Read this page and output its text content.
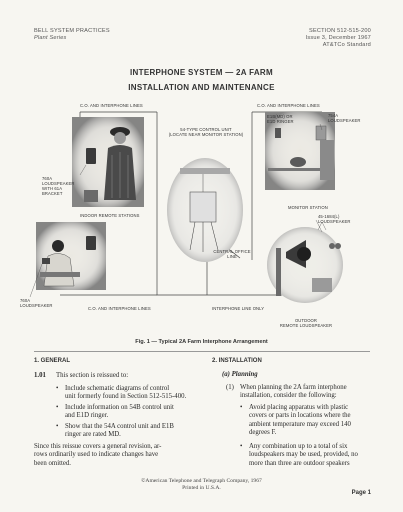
BELL SYSTEM PRACTICES
Plant Series
SECTION 512-515-200
Issue 3, December 1967
AT&TCo Standard
INTERPHONE SYSTEM — 2A FARM
INSTALLATION AND MAINTENANCE
C.O. AND INTERPHONE LINES	C.O. AND INTERPHONE LINES
54-TYPE CONTROL UNIT
(LOCATE NEAR MONITOR STATION)
E1B(MD) OR
E1D RINGER
754A
LOUDSPEAKER
760A
LOUDSPEAKER
WITH 61A
BRACKET
INDOOR REMOTE STATIONS
MONITOR STATION
45-1684(L)
LOUDSPEAKER
CENTRAL OFFICE
LINE
760A
LOUDSPEAKER
C.O. AND INTERPHONE LINES	INTERPHONE LINE ONLY
OUTDOOR
REMOTE LOUDSPEAKER
Fig. 1 — Typical 2A Farm Interphone Arrangement
1. GENERAL
1.01 This section is reissued to:
• Include schematic diagrams of control
unit formerly found in Section 512-515-400.
• Include information on 54B control unit
and E1D ringer.
• Show that the 54A control unit and E1B
ringer are rated MD.
Since this reissue covers a general revision, ar-
rows ordinarily used to indicate changes have
been omitted.
2. INSTALLATION
(a) Planning
(1) When planning the 2A farm interphone
installation, consider the following:
• Avoid placing apparatus with plastic
covers or parts in locations where the
ambient temperature may exceed 140
degrees F.
• Any combination up to a total of six
loudspeakers may be used, provided, no
more than three are outdoor speakers
©American Telephone and Telegraph Company, 1967
Printed in U.S.A.
Page 1
